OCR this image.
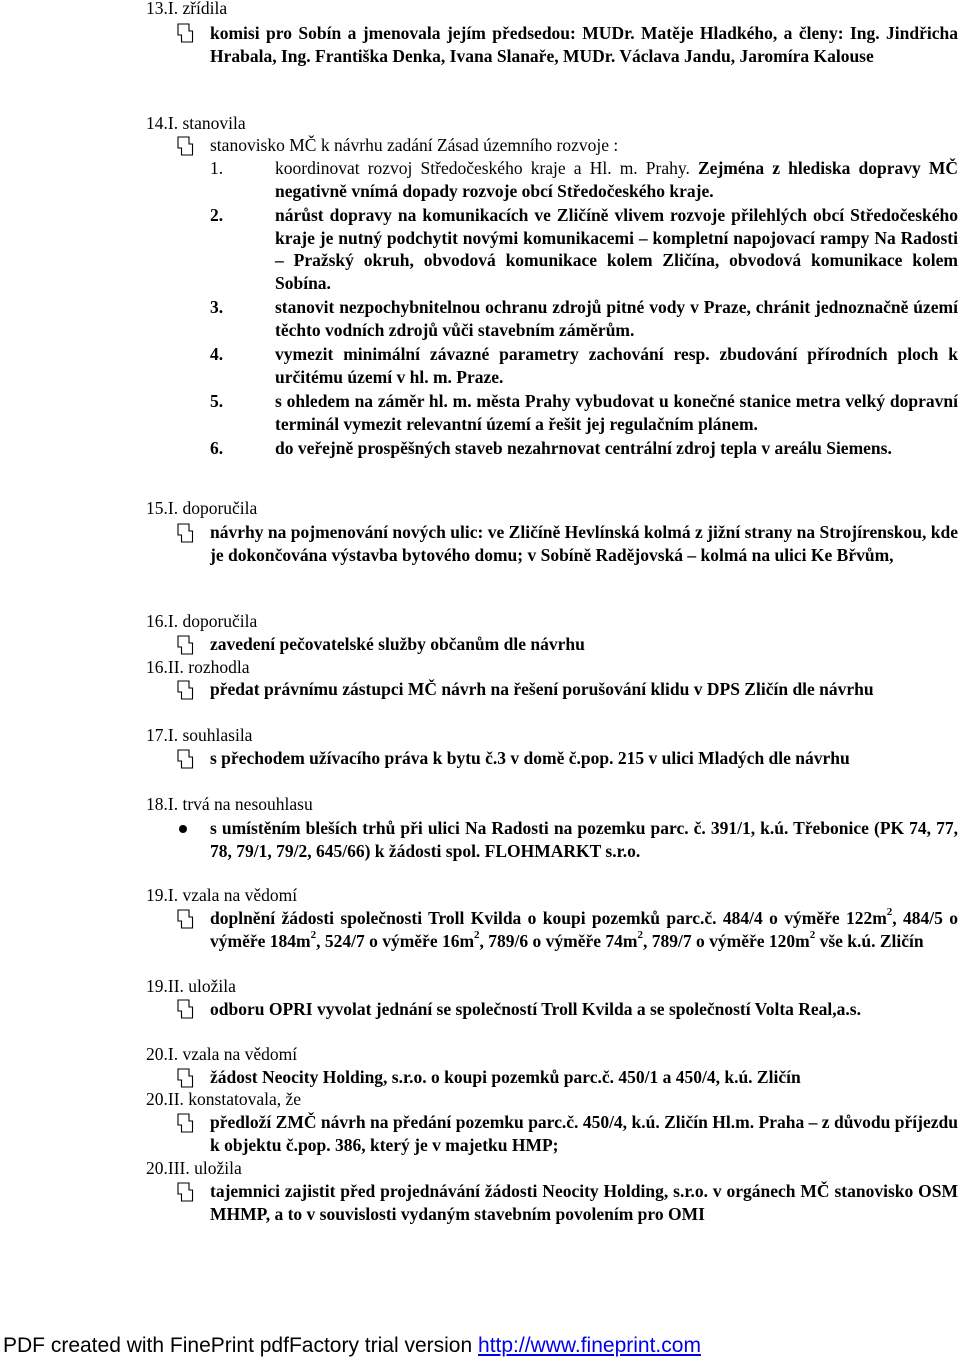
13.I. zřídila
komisi pro Sobín a jmenovala jejím předsedou: MUDr. Matěje Hladkého, a členy: Ing. Jindřicha Hrabala, Ing. Františka Denka, Ivana Slanaře, MUDr. Václava Jandu, Jaromíra Kalouse
14.I. stanovila
stanovisko MČ k návrhu zadání Zásad územního rozvoje :
1.	koordinovat rozvoj Středočeského kraje a Hl. m. Prahy. Zejména z hlediska dopravy MČ negativně vnímá dopady rozvoje obcí Středočeského kraje.
2.	nárůst dopravy na komunikacích ve Zličíně vlivem rozvoje přilehlých obcí Středočeského kraje je nutný podchytit novými komunikacemi – kompletní napojovací rampy Na Radosti – Pražský okruh, obvodová komunikace kolem Zličína, obvodová komunikace kolem Sobína.
3.	stanovit nezpochybnitelnou ochranu zdrojů pitné vody v Praze, chránit jednoznačně území těchto vodních zdrojů vůči stavebním záměrům.
4.	vymezit minimální závazné parametry zachování resp. zbudování přírodních ploch k určitému území v hl. m. Praze.
5.	s ohledem na záměr hl. m. města Prahy vybudovat u konečné stanice metra velký dopravní terminál vymezit relevantní území a řešit jej regulačním plánem.
6.	do veřejně prospěšných staveb nezahrnovat centrální zdroj tepla v areálu Siemens.
15.I. doporučila
návrhy na pojmenování nových ulic: ve Zličíně Hevlínská kolmá z jižní strany na Strojírenskou, kde je dokončována výstavba bytového domu; v Sobíně Radějovská – kolmá na ulici Ke Břvům,
16.I. doporučila
zavedení pečovatelské služby občanům dle návrhu
16.II. rozhodla
předat právnímu zástupci MČ návrh na řešení porušování klidu v DPS Zličín dle návrhu
17.I. souhlasila
s přechodem užívacího práva k bytu č.3 v domě č.pop. 215 v ulici Mladých dle návrhu
18.I. trvá na nesouhlasu
s umístěním bleších trhů při ulici Na Radosti na pozemku parc. č. 391/1, k.ú. Třebonice (PK 74, 77, 78, 79/1, 79/2, 645/66) k žádosti spol. FLOHMARKT s.r.o.
19.I. vzala na vědomí
doplnění žádosti společnosti Troll Kvilda o koupi pozemků parc.č. 484/4 o výměře $122m^2$, 484/5 o výměře $184m^2$, 524/7 o výměře $16m^2$, 789/6 o výměře $74m^2$, 789/7 o výměře $120m^2$ vše k.ú. Zličín
19.II. uložila
odboru OPRI vyvolat jednání se společností Troll Kvilda a se společností Volta Real,a.s.
20.I. vzala na vědomí
žádost Neocity Holding, s.r.o. o koupi pozemků parc.č. 450/1 a 450/4, k.ú. Zličín
20.II. konstatovala, že
předloží ZMČ návrh na předání pozemku parc.č. 450/4, k.ú. Zličín Hl.m. Praha – z důvodu příjezdu k objektu č.pop. 386, který je v majetku HMP;
20.III. uložila
tajemnici zajistit před projednávání žádosti Neocity Holding, s.r.o. v orgánech MČ stanovisko OSM MHMP, a to v souvislosti vydaným stavebním povolením pro OMI
PDF created with FinePrint pdfFactory trial version http://www.fineprint.com
